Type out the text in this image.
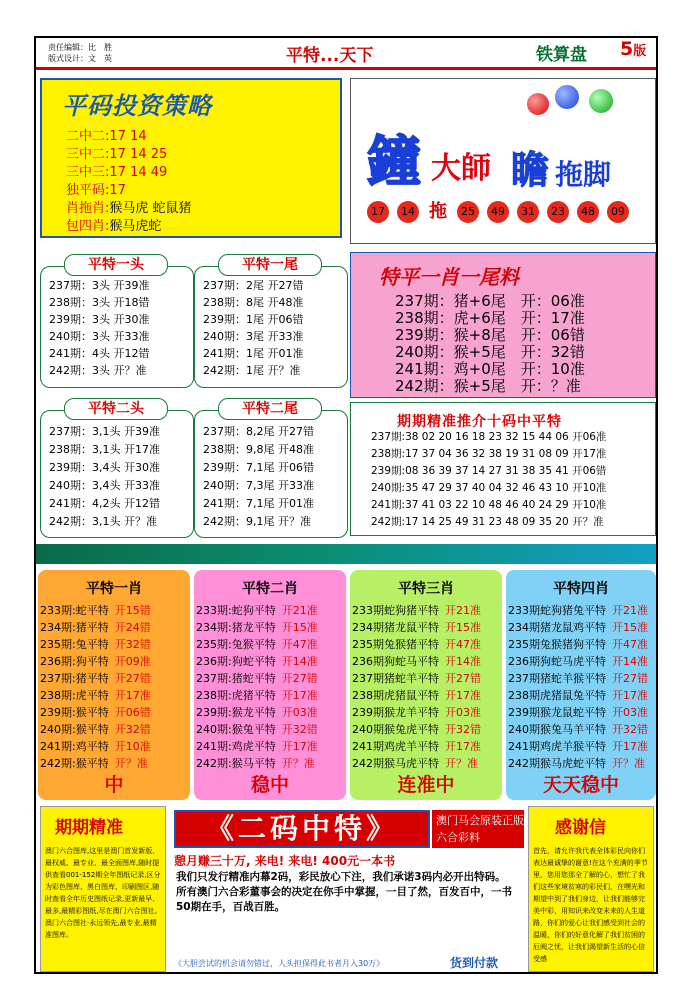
责任编辑：比　胜
版式设计：文　英	平特...天下	铁算盘 5版
平码投资策略
二中二:17 14
三中二:17 14 25
三中三:17 14 49
独平码:17
肖拖肖:猴马虎 蛇鼠猪
包四肖:猴马虎蛇
鐘 大師 瞻 拖脚
17	14 拖	25	49	31	23	48	09
237期：3头 开39准
238期：3头 开18错
239期：3头 开30准
240期：3头 开33准
241期：4头 开12错
242期：3头 开？准
平特一头
237期：2尾 开27错
238期：8尾 开48准
239期：1尾 开06错
240期：3尾 开33准
241期：1尾 开01准
242期：1尾 开？准
平特一尾	特平一肖一尾料
237期：猪+6尾　开：06准
238期：虎+6尾　开：17准
239期：猴+8尾　开：06错
240期：猴+5尾　开：32错
241期：鸡+0尾　开：10准
242期：猴+5尾　开：？准
237期：3,1头 开39准
238期：3,1头 开17准
239期：3,4头 开30准
240期：3,4头 开33准
241期：4,2头 开12错
242期：3,1头 开？准
平特二头
237期：8,2尾 开27错
238期：9,8尾 开48准
239期：7,1尾 开06错
240期：7,3尾 开33准
241期：7,1尾 开01准
242期：9,1尾 开？准
平特二尾
期期精准推介十码中平特
237期:38 02 20 16 18 23 32 15 44 06 开06准
238期:17 37 04 36 32 38 19 31 08 09 开17准
239期:08 36 39 37 14 27 31 38 35 41 开06错
240期:35 47 29 37 40 04 32 46 43 10 开10准
241期:37 41 03 22 10 48 46 40 24 29 开10准
242期:17 14 25 49 31 23 48 09 35 20 开？准
平特一肖
233期:蛇平特 开15错
234期:猪平特 开24错
235期:兔平特 开32错
236期:狗平特 开09准
237期:猪平特 开27错
238期:虎平特 开17准
239期:猴平特 开06错
240期:猴平特 开32错
241期:鸡平特 开10准
242期:猴平特 开？准
中
平特二肖
233期:蛇狗平特 开21准
234期:猪龙平特 开15准
235期:兔猴平特 开47准
236期:狗蛇平特 开14准
237期:猪蛇平特 开27错
238期:虎猪平特 开17准
239期:猴龙平特 开03准
240期:猴兔平特 开32错
241期:鸡虎平特 开17准
242期:猴马平特 开？准
稳中
平特三肖
233期蛇狗猪平特 开21准
234期猪龙鼠平特 开15准
235期兔猴猪平特 开47准
236期狗蛇马平特 开14准
237期猪蛇羊平特 开27错
238期虎猪鼠平特 开17准
239期猴龙羊平特 开03准
240期猴兔虎平特 开32错
241期鸡虎羊平特 开17准
242期猴马虎平特 开？准
连准中
平特四肖
233期蛇狗猪兔平特 开21准
234期猪龙鼠鸡平特 开15准
235期兔猴猪狗平特 开47准
236期狗蛇马虎平特 开14准
237期猪蛇羊猴平特 开27错
238期虎猪鼠兔平特 开17准
239期猴龙鼠蛇平特 开03准
240期猴兔马羊平特 开32错
241期鸡虎羊猴平特 开17准
242期猴马虎蛇平特 开？准
天天稳中
期期精准
澳门六合图库,这里是澳门首发新版、最权威、最专业、最全面图库,随时提供查看001-152期全年图纸记录,区分为彩色图库、黑白图库、印刷图区,随时查看全年历史图纸记录,更新最早、最多,最精彩图纸,尽在澳门六合图社。澳门六合图社·永远领先,最专业,最精准图库。
《二码中特》	澳门马会原装正版六合彩料
憩月赚三十万, 来电! 来电! 400元一本书
我们只发行精准内幕2码，彩民放心下注，我们承诺3码内必开出特码。所有澳门六合彩董事会的决定在你手中掌握，一目了然，百发百中，一书50期在手，百战百胜。
《大胆尝试的机会请勿错过，人头担保得此书者月入30万》	货到付款
感谢信
首先，请允许我代表全体彩民向你们表达最诚挚的谢意!在这个充满的季节里，您用您那全了解的心，想忙了我们这些家境贫寒的彩民们，在嘿光和期望中到了我们身边，让我们能够完美中彩，用知识来改变未来的人生道路，你们的爱心让我们感受到社会的温暖，你们的好意化解了我们贫困的厄阀之忧，让我们渴望新生活的心信受感
